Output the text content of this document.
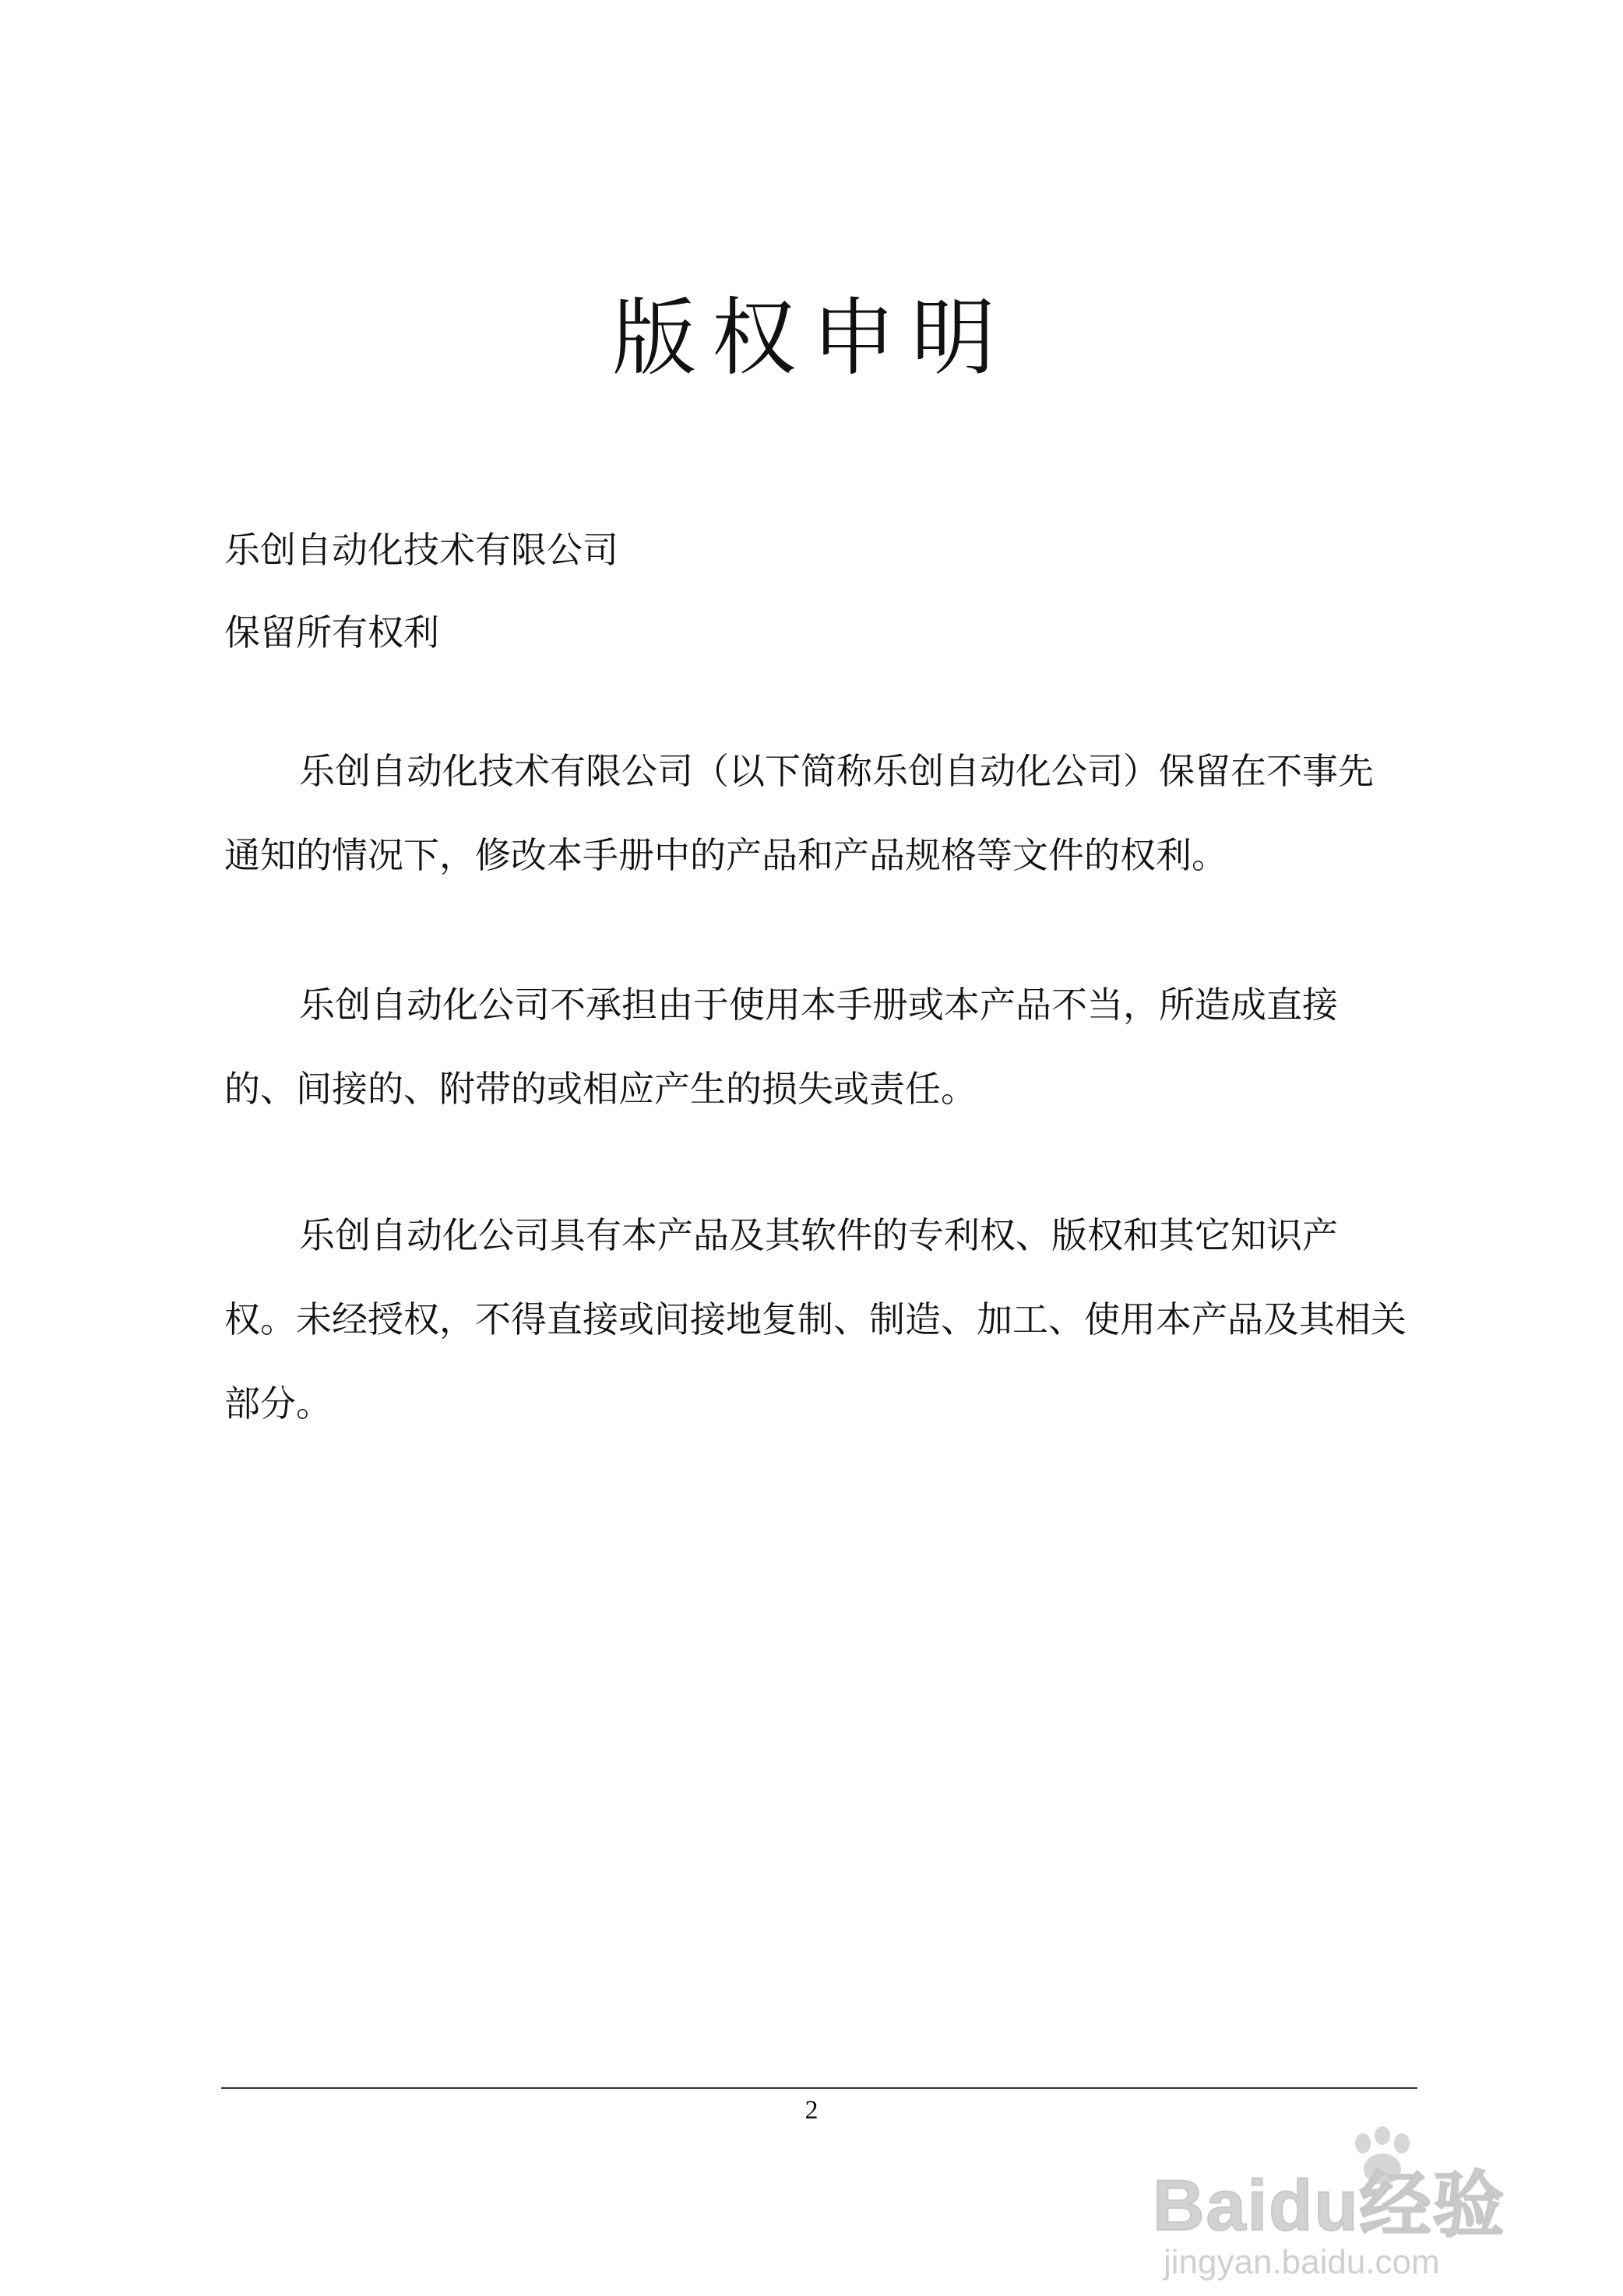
版权申明
乐创自动化技术有限公司
保留所有权利

乐创自动化技术有限公司（以下简称乐创自动化公司）保留在不事先通知的情况下，修改本手册中的产品和产品规格等文件的权利。

乐创自动化公司不承担由于使用本手册或本产品不当，所造成直接的、间接的、附带的或相应产生的损失或责任。

乐创自动化公司具有本产品及其软件的专利权、版权和其它知识产权。未经授权，不得直接或间接地复制、制造、加工、使用本产品及其相关部分。

2
Baidu经验
jingyan.baidu.com
